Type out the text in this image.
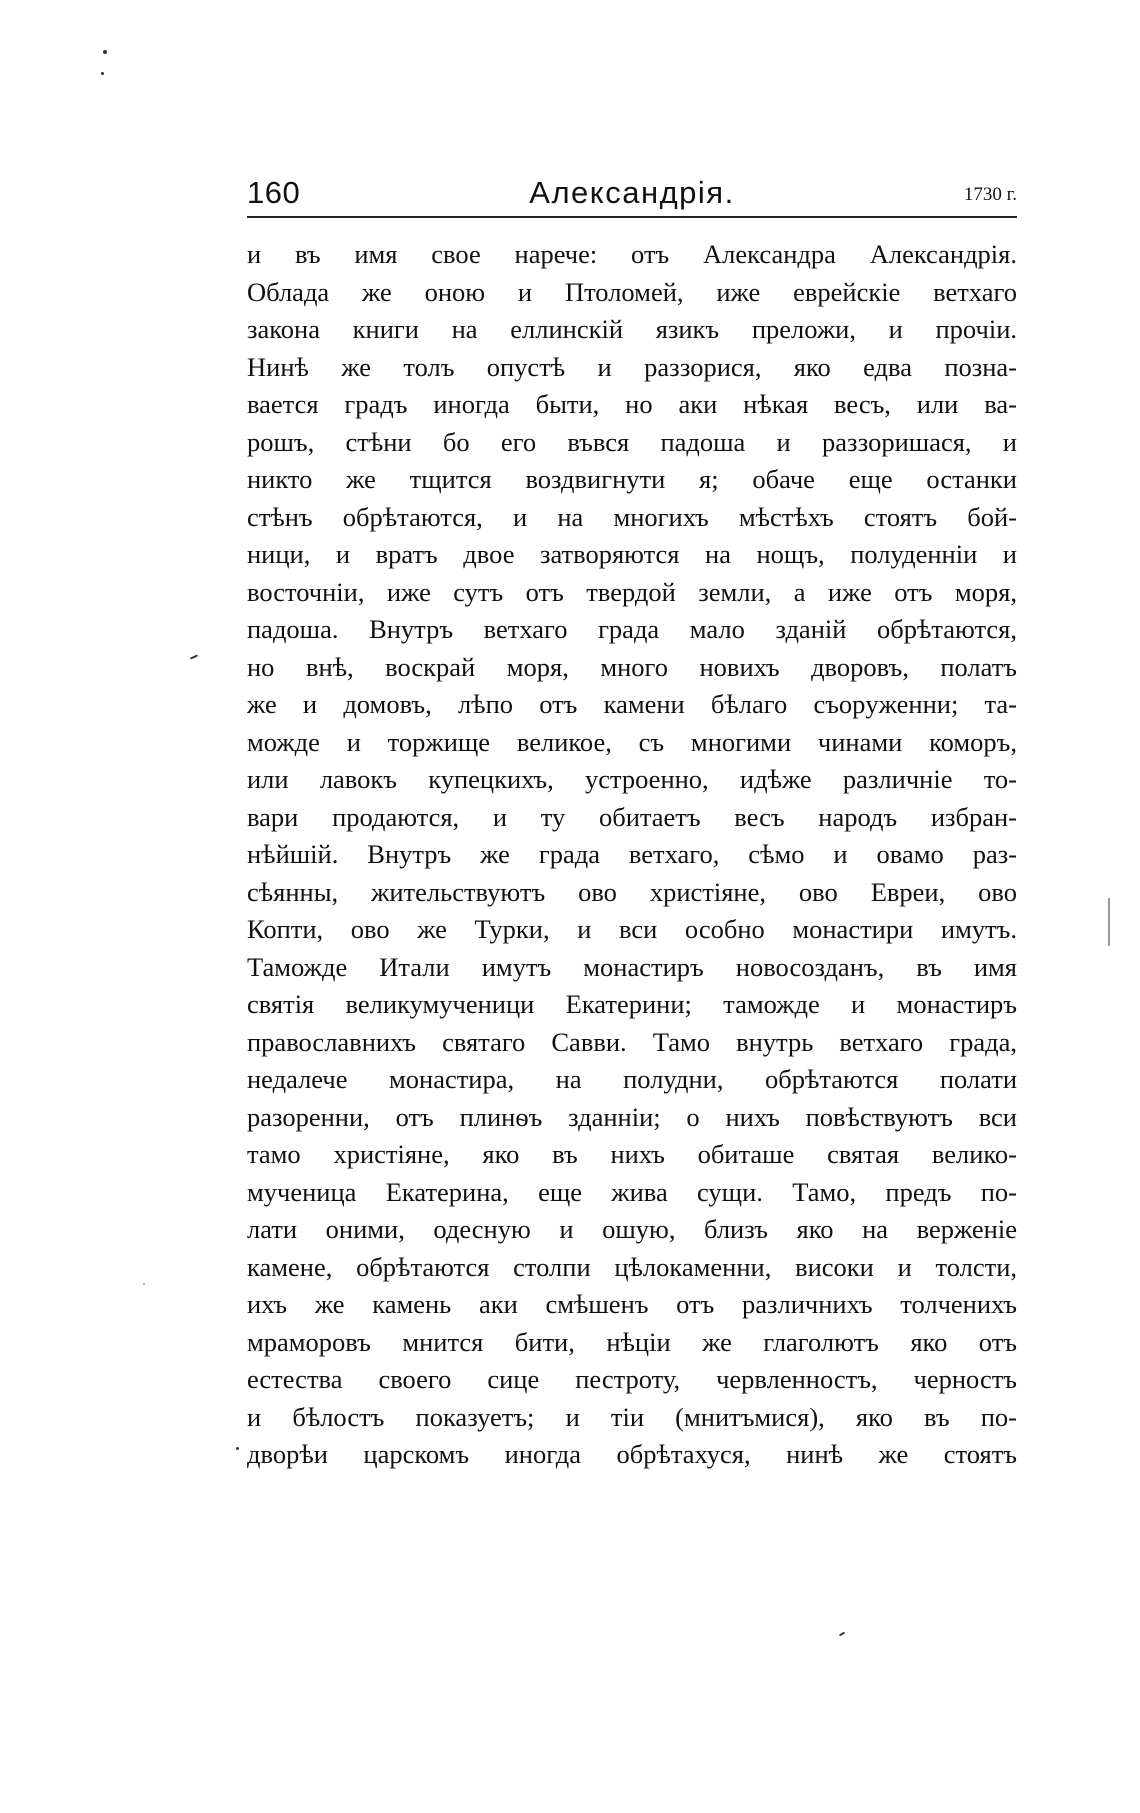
160	Александрія.	1730 г.
и въ имя свое нарече: отъ Александра Александрія.
Облада же оною и Птоломей, иже еврейскіе ветхаго
закона книги на еллинскій язикъ преложи, и прочіи.
Нинѣ же толъ опустѣ и раззорися, яко едва позна-
вается градъ иногда быти, но аки нѣкая весъ, или ва-
рошъ, стѣни бо его въвся падоша и раззоришася, и
никто же тщится воздвигнути я; обаче еще останки
стѣнъ обрѣтаются, и на многихъ мѣстѣхъ стоятъ бой-
ници, и вратъ двое затворяются на нощъ, полуденніи и
восточніи, иже сутъ отъ твердой земли, а иже отъ моря,
падоша. Внутръ ветхаго града мало зданій обрѣтаются,
но внѣ, воскрай моря, много новихъ дворовъ, полатъ
же и домовъ, лѣпо отъ камени бѣлаго съорyженни; та-
можде и торжище великое, съ многими чинами коморъ,
или лавокъ купецкихъ, устроенно, идѣже различніе то-
вари продаются, и ту обитаетъ весъ народъ избран-
нѣйшій. Внутръ же града ветхаго, сѣмо и овамо раз-
сѣянны, жительствуютъ ово христіяне, ово Евреи, ово
Копти, ово же Турки, и вси особно монастири имутъ.
Таможде Итали имутъ монастиръ новосозданъ, въ имя
святія великумученици Екатерини; таможде и монастиръ
православнихъ святаго Савви. Тамо внутрь ветхаго града,
недалече монастира, на полудни, обрѣтаются полати
разоренни, отъ плинѳъ зданніи; о нихъ повѣствуютъ вси
тамо христіяне, яко въ нихъ обиташе святая велико-
мученица Екатерина, еще жива сущи. Тамо, предъ по-
лати оними, одесную и ошую, близъ яко на верженіе
камене, обрѣтаются столпи цѣлокаменни, високи и толсти,
ихъ же камень аки смѣшенъ отъ различнихъ толченихъ
мраморовъ мнится бити, нѣціи же глаголютъ яко отъ
естества своего сице пестроту, червленностъ, черностъ
и бѣлостъ показуетъ; и тіи (мнитъмися), яко въ по-
дворѣи царскомъ иногда обрѣтахуся, нинѣ же стоятъ
